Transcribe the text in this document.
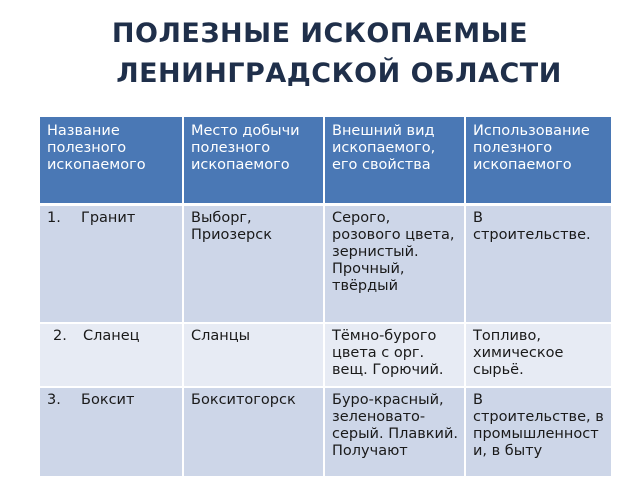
ПОЛЕЗНЫЕ ИСКОПАЕМЫЕ
ЛЕНИНГРАДСКОЙ ОБЛАСТИ
Название полезного ископаемого	Место добычи полезного ископаемого	Внешний вид ископаемого, его свойства	Использование полезного ископаемого
1. Гранит	Выборг, Приозерск	Серого, розового цвета, зернистый. Прочный, твёрдый	В строительстве.
2. Сланец	Сланцы	Тёмно-бурого цвета с орг. вещ. Горючий.	Топливо, химическое сырьё.
3. Боксит	Бокситогорск	Буро-красный, зеленовато-серый. Плавкий. Получают	В строительстве, в промышленности, в быту
